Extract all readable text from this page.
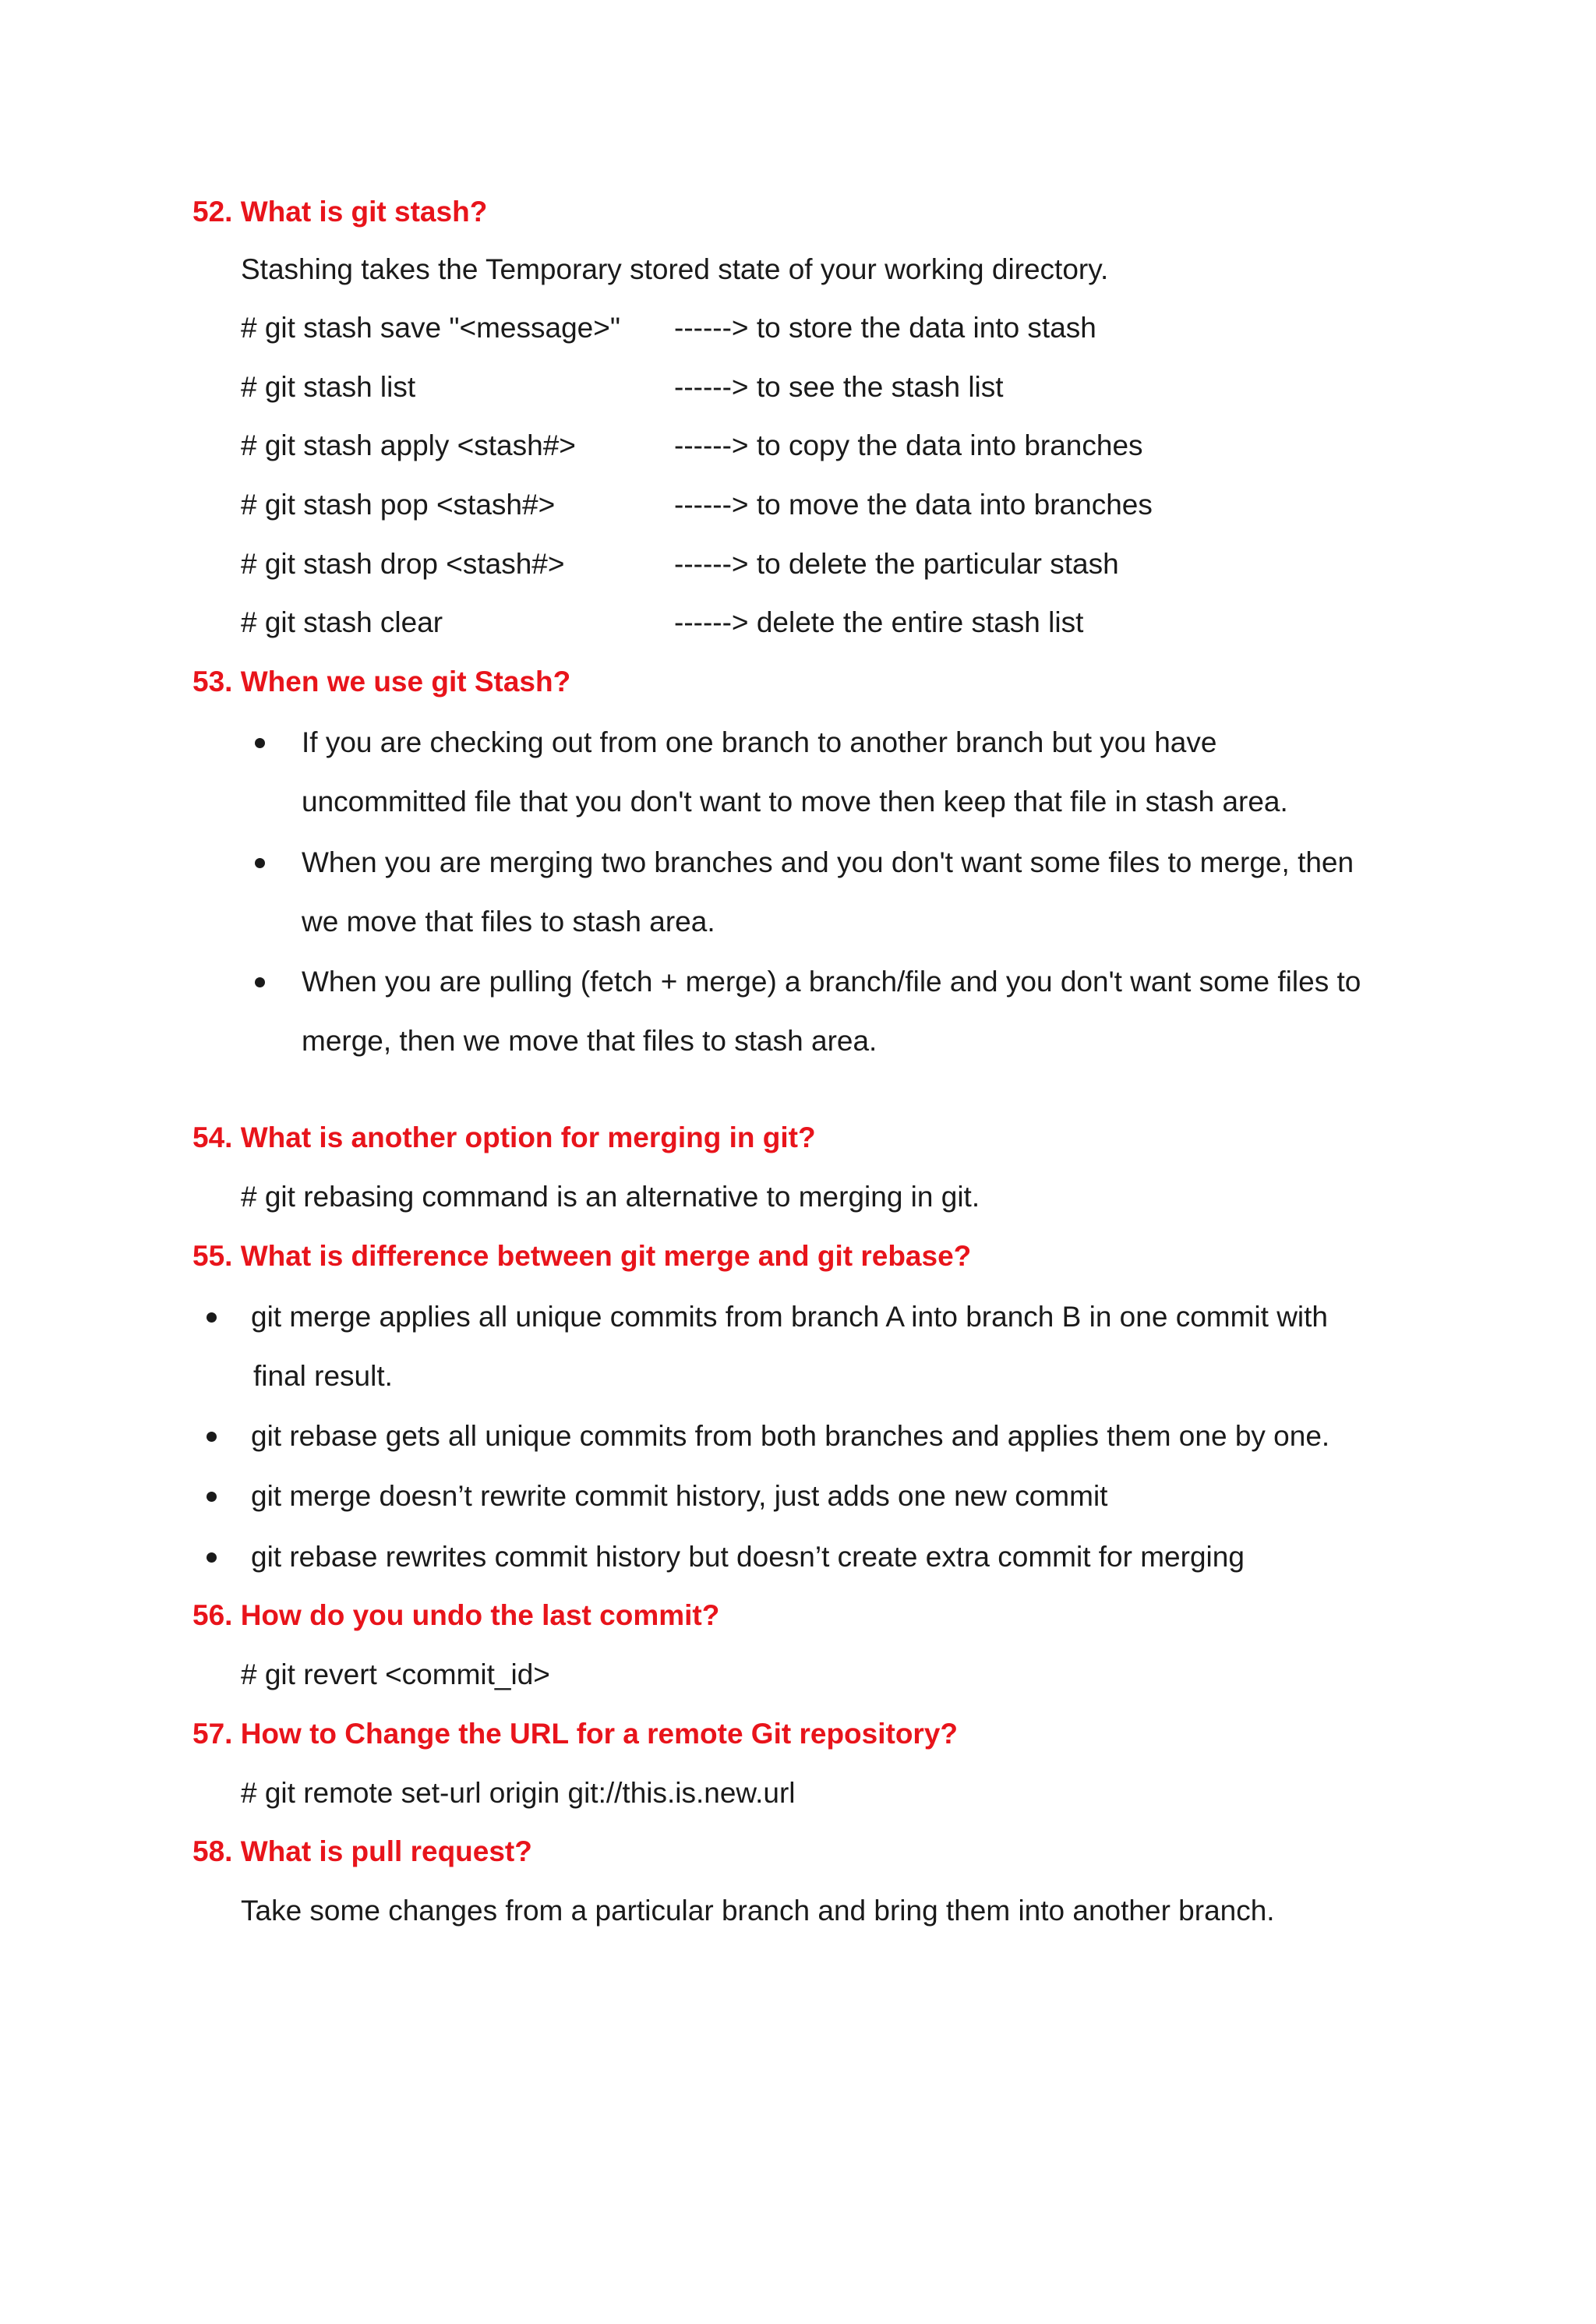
52. What is git stash?
Stashing takes the Temporary stored state of your working directory.
# git stash save "<message>" ------> to store the data into stash
# git stash list	------> to see the stash list
# git stash apply <stash#>	------> to copy the data into branches
# git stash pop <stash#>	------> to move the data into branches
# git stash drop <stash#>	------> to delete the particular stash
# git stash clear	------> delete the entire stash list
53. When we use git Stash?
If you are checking out from one branch to another branch but you have
uncommitted file that you don't want to move then keep that file in stash area.
When you are merging two branches and you don't want some files to merge, then
we move that files to stash area.
When you are pulling (fetch + merge) a branch/file and you don't want some files to
merge, then we move that files to stash area.
54. What is another option for merging in git?
# git rebasing command is an alternative to merging in git.
55. What is difference between git merge and git rebase?
git merge applies all unique commits from branch A into branch B in one commit with
final result.
git rebase gets all unique commits from both branches and applies them one by one.
git merge doesn’t rewrite commit history, just adds one new commit
git rebase rewrites commit history but doesn’t create extra commit for merging
56. How do you undo the last commit?
# git revert <commit_id>
57. How to Change the URL for a remote Git repository?
# git remote set-url origin git://this.is.new.url
58. What is pull request?
Take some changes from a particular branch and bring them into another branch.
